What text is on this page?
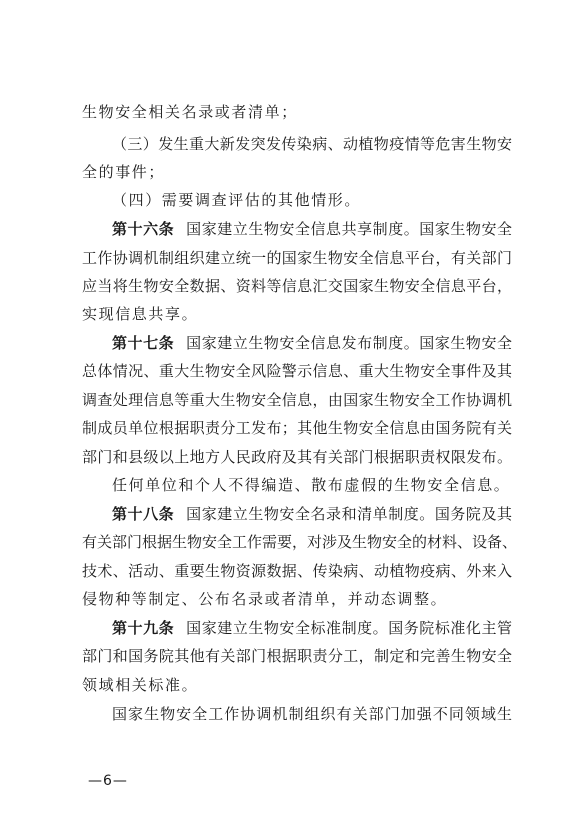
生物安全相关名录或者清单；
（三）发生重大新发突发传染病、动植物疫情等危害生物安
全的事件；
（四）需要调查评估的其他情形。
第十六条 国家建立生物安全信息共享制度。国家生物安全
工作协调机制组织建立统一的国家生物安全信息平台，有关部门
应当将生物安全数据、资料等信息汇交国家生物安全信息平台，
实现信息共享。
第十七条 国家建立生物安全信息发布制度。国家生物安全
总体情况、重大生物安全风险警示信息、重大生物安全事件及其
调查处理信息等重大生物安全信息，由国家生物安全工作协调机
制成员单位根据职责分工发布；其他生物安全信息由国务院有关
部门和县级以上地方人民政府及其有关部门根据职责权限发布。
任何单位和个人不得编造、散布虚假的生物安全信息。
第十八条 国家建立生物安全名录和清单制度。国务院及其
有关部门根据生物安全工作需要，对涉及生物安全的材料、设备、
技术、活动、重要生物资源数据、传染病、动植物疫病、外来入
侵物种等制定、公布名录或者清单，并动态调整。
第十九条 国家建立生物安全标准制度。国务院标准化主管
部门和国务院其他有关部门根据职责分工，制定和完善生物安全
领域相关标准。
国家生物安全工作协调机制组织有关部门加强不同领域生
—6—
